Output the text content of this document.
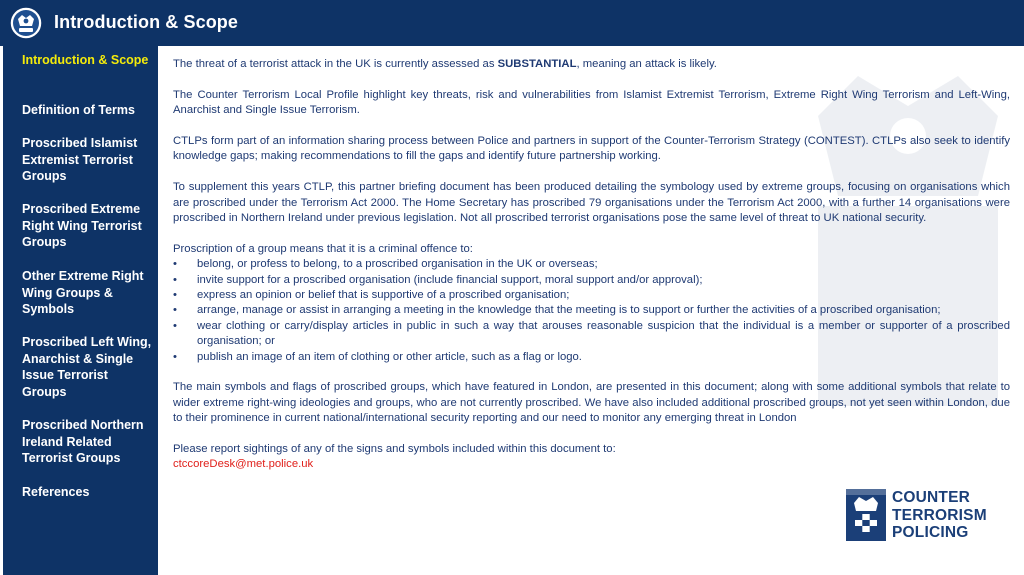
Introduction & Scope
Introduction & Scope
Definition of Terms
Proscribed Islamist Extremist Terrorist Groups
Proscribed Extreme Right Wing Terrorist Groups
Other Extreme Right Wing Groups & Symbols
Proscribed Left Wing, Anarchist & Single Issue Terrorist Groups
Proscribed Northern Ireland Related Terrorist Groups
References

The threat of a terrorist attack in the UK is currently assessed as SUBSTANTIAL, meaning an attack is likely.

The Counter Terrorism Local Profile highlight key threats, risk and vulnerabilities from Islamist Extremist Terrorism, Extreme Right Wing Terrorism and Left-Wing, Anarchist and Single Issue Terrorism.

CTLPs form part of an information sharing process between Police and partners in support of the Counter-Terrorism Strategy (CONTEST). CTLPs also seek to identify knowledge gaps; making recommendations to fill the gaps and identify future partnership working.

To supplement this years CTLP, this partner briefing document has been produced detailing the symbology used by extreme groups, focusing on organisations which are proscribed under the Terrorism Act 2000. The Home Secretary has proscribed 79 organisations under the Terrorism Act 2000, with a further 14 organisations were proscribed in Northern Ireland under previous legislation. Not all proscribed terrorist organisations pose the same level of threat to UK national security.

Proscription of a group means that it is a criminal offence to:

• belong, or profess to belong, to a proscribed organisation in the UK or overseas;
• invite support for a proscribed organisation (include financial support, moral support and/or approval);
• express an opinion or belief that is supportive of a proscribed organisation;
• arrange, manage or assist in arranging a meeting in the knowledge that the meeting is to support or further the activities of a proscribed organisation;
• wear clothing or carry/display articles in public in such a way that arouses reasonable suspicion that the individual is a member or supporter of a proscribed organisation; or
• publish an image of an item of clothing or other article, such as a flag or logo.

The main symbols and flags of proscribed groups, which have featured in London, are presented in this document; along with some additional symbols that relate to wider extreme right-wing ideologies and groups, who are not currently proscribed. We have also included additional proscribed groups, not yet seen within London, due to their prominence in current national/international security reporting and our need to monitor any emerging threat in London

Please report sightings of any of the signs and symbols included within this document to:
ctccoreDesk@met.police.uk

COUNTER
TERRORISM
POLICING
